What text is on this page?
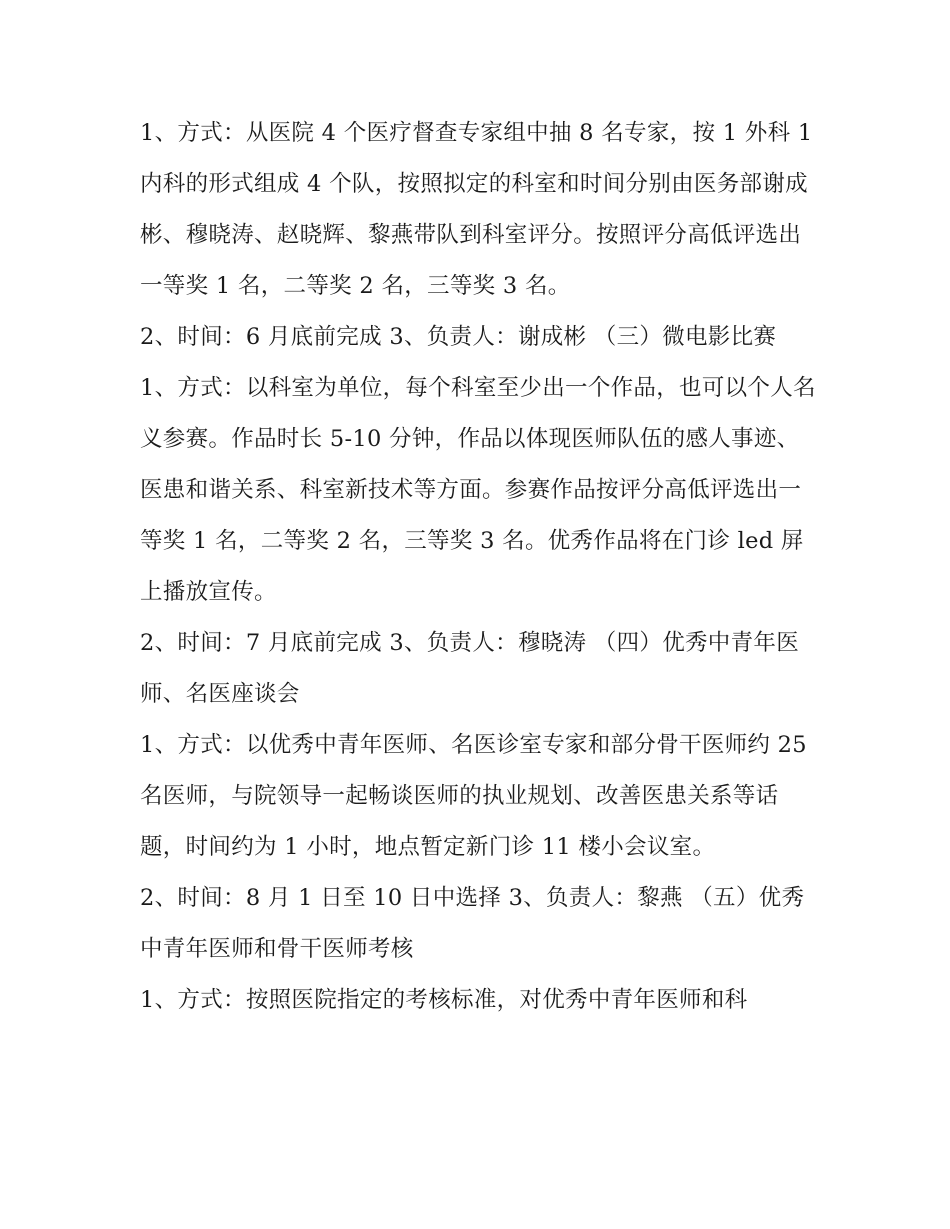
1、方式：从医院 4 个医疗督查专家组中抽 8 名专家，按 1 外科 1 内科的形式组成 4 个队，按照拟定的科室和时间分别由医务部谢成彬、穆晓涛、赵晓辉、黎燕带队到科室评分。按照评分高低评选出一等奖 1 名，二等奖 2 名，三等奖 3 名。

2、时间：6 月底前完成 3、负责人：谢成彬 （三）微电影比赛

1、方式：以科室为单位，每个科室至少出一个作品，也可以个人名义参赛。作品时长 5-10 分钟，作品以体现医师队伍的感人事迹、医患和谐关系、科室新技术等方面。参赛作品按评分高低评选出一等奖 1 名，二等奖 2 名，三等奖 3 名。优秀作品将在门诊 led 屏上播放宣传。

2、时间：7 月底前完成 3、负责人：穆晓涛 （四）优秀中青年医师、名医座谈会

1、方式：以优秀中青年医师、名医诊室专家和部分骨干医师约 25 名医师，与院领导一起畅谈医师的执业规划、改善医患关系等话题，时间约为 1 小时，地点暂定新门诊 11 楼小会议室。

2、时间：8 月 1 日至 10 日中选择 3、负责人：黎燕 （五）优秀中青年医师和骨干医师考核

1、方式：按照医院指定的考核标准，对优秀中青年医师和科
